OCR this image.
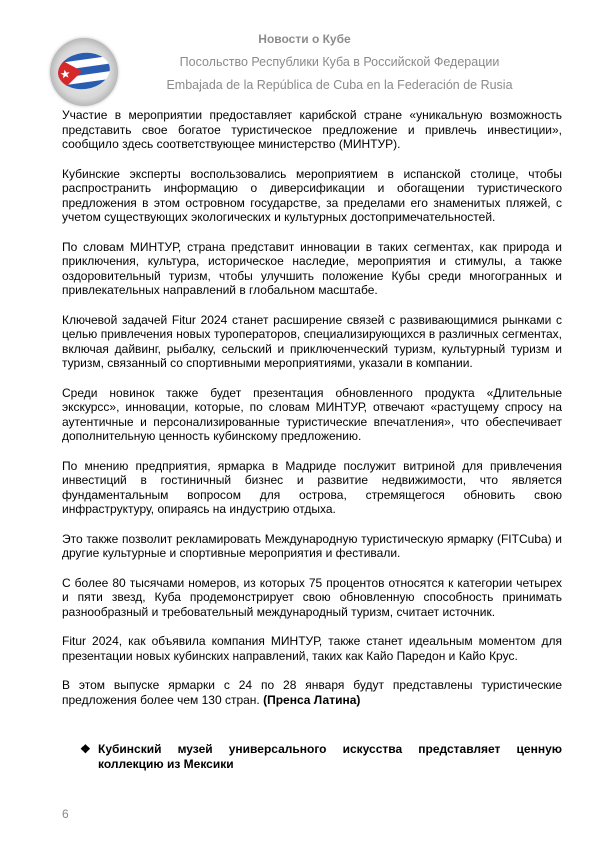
Новости о Кубе
Посольство Республики Куба в Российской Федерации
Embajada de la República de Cuba en la Federación de Rusia

Участие в мероприятии предоставляет карибской стране «уникальную возможность представить свое богатое туристическое предложение и привлечь инвестиции», сообщило здесь соответствующее министерство (МИНТУР).

Кубинские эксперты воспользовались мероприятием в испанской столице, чтобы распространить информацию о диверсификации и обогащении туристического предложения в этом островном государстве, за пределами его знаменитых пляжей, с учетом существующих экологических и культурных достопримечательностей.

По словам МИНТУР, страна представит инновации в таких сегментах, как природа и приключения, культура, историческое наследие, мероприятия и стимулы, а также оздоровительный туризм, чтобы улучшить положение Кубы среди многогранных и привлекательных направлений в глобальном масштабе.

Ключевой задачей Fitur 2024 станет расширение связей с развивающимися рынками с целью привлечения новых туроператоров, специализирующихся в различных сегментах, включая дайвинг, рыбалку, сельский и приключенческий туризм, культурный туризм и туризм, связанный со спортивными мероприятиями, указали в компании.

Среди новинок также будет презентация обновленного продукта «Длительные экскурсс», инновации, которые, по словам МИНТУР, отвечают «растущему спросу на аутентичные и персонализированные туристические впечатления», что обеспечивает дополнительную ценность кубинскому предложению.

По мнению предприятия, ярмарка в Мадриде послужит витриной для привлечения инвестиций в гостиничный бизнес и развитие недвижимости, что является фундаментальным вопросом для острова, стремящегося обновить свою инфраструктуру, опираясь на индустрию отдыха.

Это также позволит рекламировать Международную туристическую ярмарку (FITCuba) и другие культурные и спортивные мероприятия и фестивали.

С более 80 тысячами номеров, из которых 75 процентов относятся к категории четырех и пяти звезд, Куба продемонстрирует свою обновленную способность принимать разнообразный и требовательный международный туризм, считает источник.

Fitur 2024, как объявила компания МИНТУР, также станет идеальным моментом для презентации новых кубинских направлений, таких как Кайо Паредон и Кайо Крус.

В этом выпуске ярмарки с 24 по 28 января будут представлены туристические предложения более чем 130 стран. (Пренса Латина)

❖ Кубинский музей универсального искусства представляет ценную коллекцию из Мексики
6
